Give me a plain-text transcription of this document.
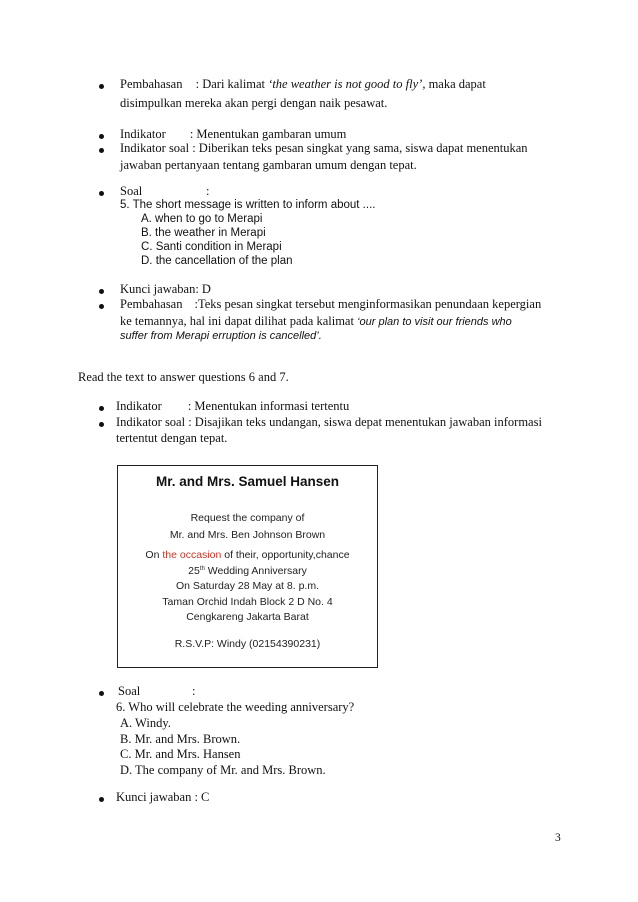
Pembahasan : Dari kalimat ‘the weather is not good to fly’, maka dapat
disimpulkan mereka akan pergi dengan naik pesawat.
Indikator : Menentukan gambaran umum
Indikator soal : Diberikan teks pesan singkat yang sama, siswa dapat menentukan
jawaban pertanyaan tentang gambaran umum dengan tepat.
Soal	:
5. The short message is written to inform about ....
A. when to go to Merapi
B. the weather in Merapi
C. Santi condition in Merapi
D. the cancellation of the plan
Kunci jawaban: D
Pembahasan :Teks pesan singkat tersebut menginformasikan penundaan kepergian
ke temannya, hal ini dapat dilihat pada kalimat ‘our plan to visit our friends who
suffer from Merapi erruption is cancelled’.
Read the text to answer questions 6 and 7.
Indikator : Menentukan informasi tertentu
Indikator soal : Disajikan teks undangan, siswa depat menentukan jawaban informasi
tertentut dengan tepat.
Mr. and Mrs. Samuel Hansen
Request the company of
Mr. and Mrs. Ben Johnson Brown
On the occasion of their, opportunity,chance
25th Wedding Anniversary
On Saturday 28 May at 8. p.m.
Taman Orchid Indah Block 2 D No. 4
Cengkareng Jakarta Barat
R.S.V.P: Windy (02154390231)
Soal	:
6. Who will celebrate the weeding anniversary?
A. Windy.
B. Mr. and Mrs. Brown.
C. Mr. and Mrs. Hansen
D. The company of Mr. and Mrs. Brown.
Kunci jawaban : C
3
